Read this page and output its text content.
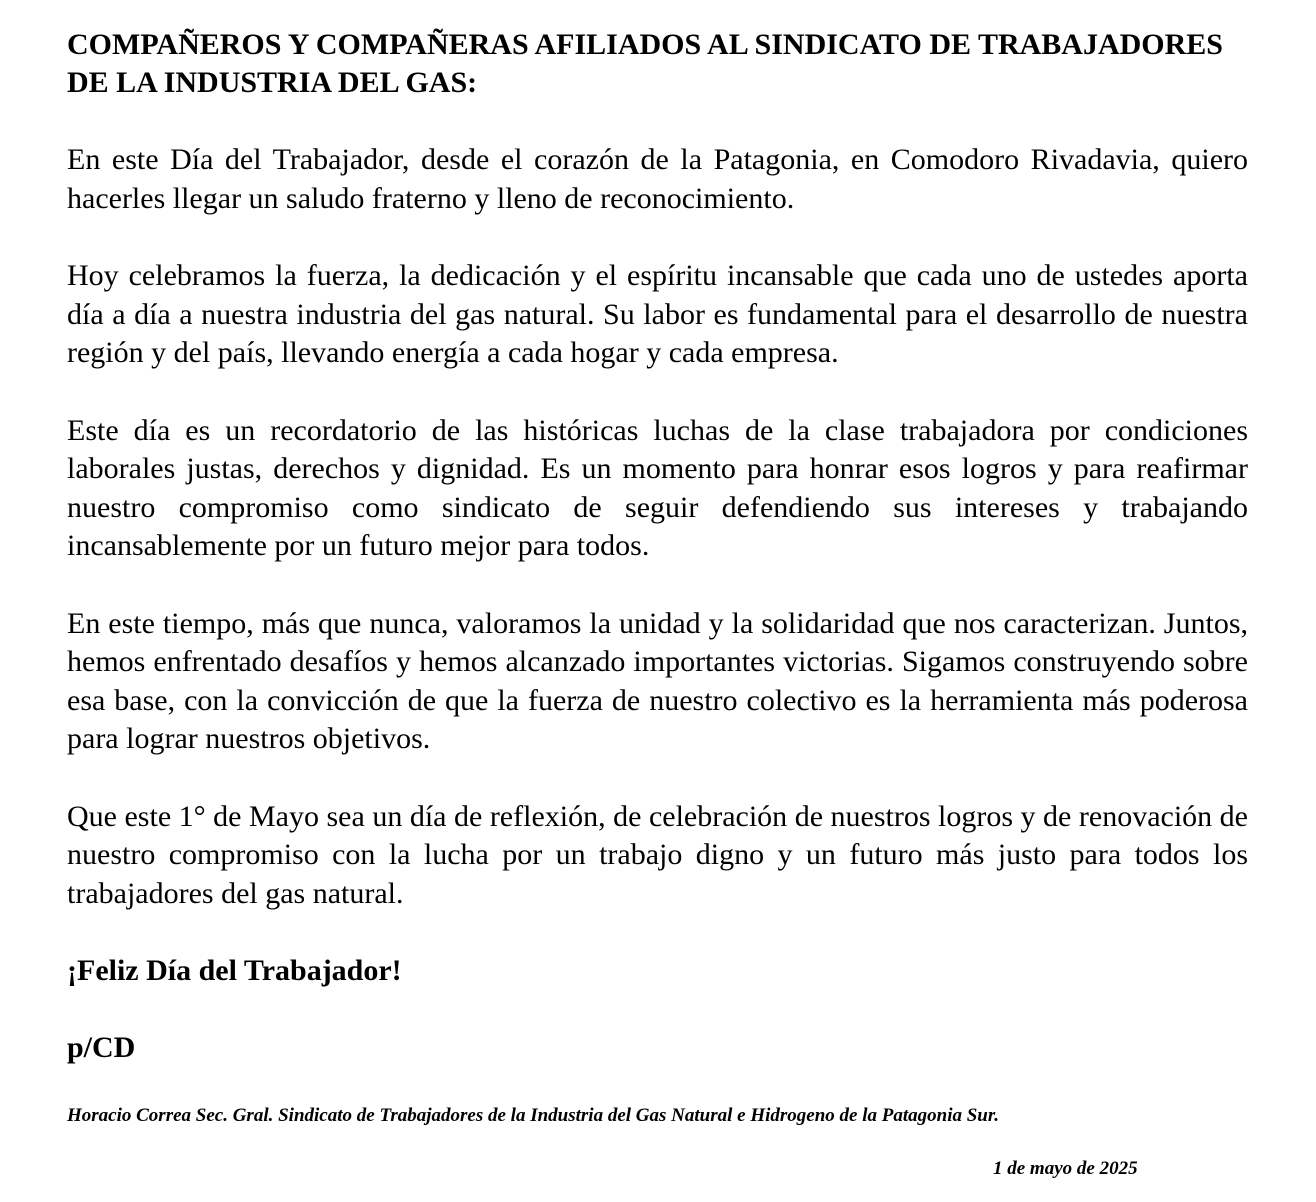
COMPAÑEROS Y COMPAÑERAS AFILIADOS AL SINDICATO DE TRABAJADORES DE LA INDUSTRIA DEL GAS:

En este Día del Trabajador, desde el corazón de la Patagonia, en Comodoro Rivadavia, quiero hacerles llegar un saludo fraterno y lleno de reconocimiento.

Hoy celebramos la fuerza, la dedicación y el espíritu incansable que cada uno de ustedes aporta día a día a nuestra industria del gas natural. Su labor es fundamental para el desarrollo de nuestra región y del país, llevando energía a cada hogar y cada empresa.

Este día es un recordatorio de las históricas luchas de la clase trabajadora por condiciones laborales justas, derechos y dignidad. Es un momento para honrar esos logros y para reafirmar nuestro compromiso como sindicato de seguir defendiendo sus intereses y trabajando incansablemente por un futuro mejor para todos.

En este tiempo, más que nunca, valoramos la unidad y la solidaridad que nos caracterizan. Juntos, hemos enfrentado desafíos y hemos alcanzado importantes victorias. Sigamos construyendo sobre esa base, con la convicción de que la fuerza de nuestro colectivo es la herramienta más poderosa para lograr nuestros objetivos.

Que este 1° de Mayo sea un día de reflexión, de celebración de nuestros logros y de renovación de nuestro compromiso con la lucha por un trabajo digno y un futuro más justo para todos los trabajadores del gas natural.

¡Feliz Día del Trabajador!

p/CD

Horacio Correa Sec. Gral. Sindicato de Trabajadores de la Industria del Gas Natural e Hidrogeno de la Patagonia Sur.

1 de mayo de 2025
